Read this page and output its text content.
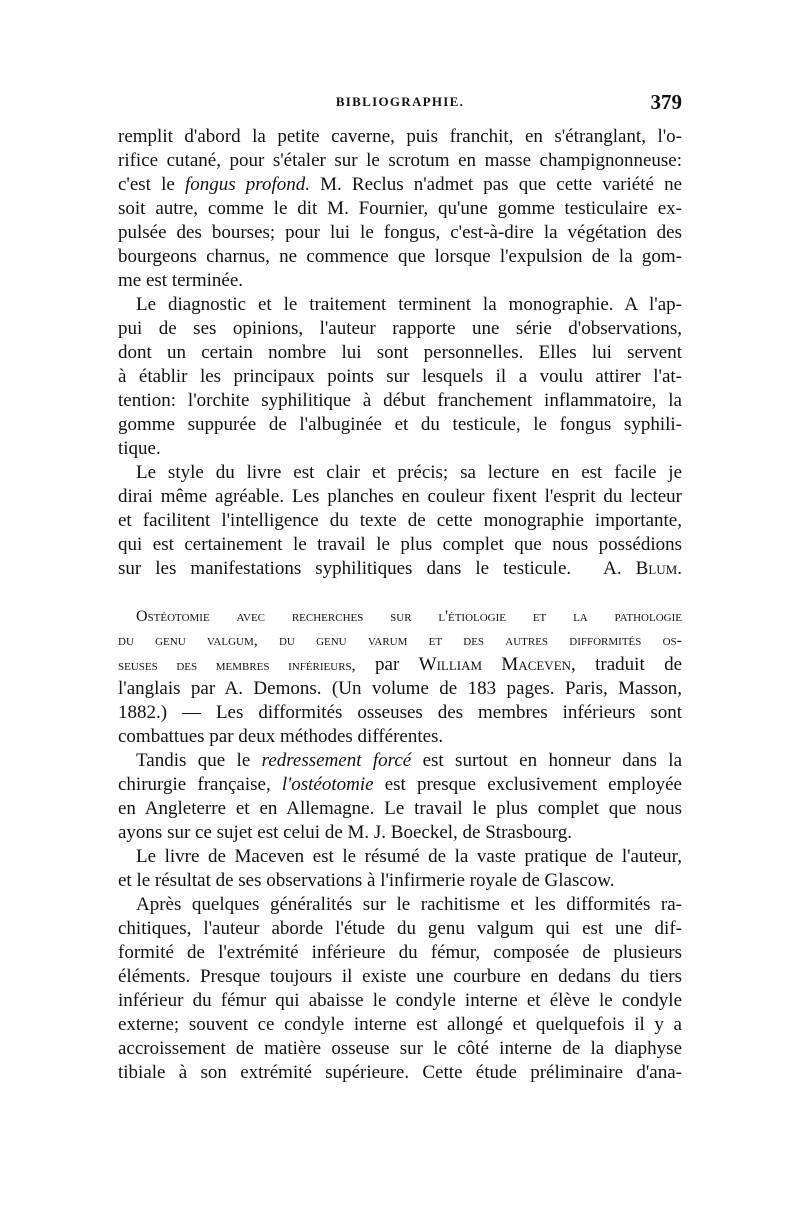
BIBLIOGRAPHIE.	379
remplit d'abord la petite caverne, puis franchit, en s'étranglant, l'o-
rifice cutané, pour s'étaler sur le scrotum en masse champignonneuse:
c'est le fongus profond. M. Reclus n'admet pas que cette variété ne
soit autre, comme le dit M. Fournier, qu'une gomme testiculaire ex-
pulsée des bourses; pour lui le fongus, c'est-à-dire la végétation des
bourgeons charnus, ne commence que lorsque l'expulsion de la gom-
me est terminée.
Le diagnostic et le traitement terminent la monographie. A l'ap-
pui de ses opinions, l'auteur rapporte une série d'observations,
dont un certain nombre lui sont personnelles. Elles lui servent
à établir les principaux points sur lesquels il a voulu attirer l'at-
tention: l'orchite syphilitique à début franchement inflammatoire, la
gomme suppurée de l'albuginée et du testicule, le fongus syphili-
tique.
Le style du livre est clair et précis; sa lecture en est facile je
dirai même agréable. Les planches en couleur fixent l'esprit du lecteur
et facilitent l'intelligence du texte de cette monographie importante,
qui est certainement le travail le plus complet que nous possédions
sur les manifestations syphilitiques dans le testicule. A. Blum.
Ostéotomie avec recherches sur l'étiologie et la pathologie
du genu valgum, du genu varum et des autres difformités os-
seuses des membres inférieurs, par William Maceven, traduit de
l'anglais par A. Demons. (Un volume de 183 pages. Paris, Masson,
1882.) — Les difformités osseuses des membres inférieurs sont
combattues par deux méthodes différentes.
Tandis que le redressement forcé est surtout en honneur dans la
chirurgie française, l'ostéotomie est presque exclusivement employée
en Angleterre et en Allemagne. Le travail le plus complet que nous
ayons sur ce sujet est celui de M. J. Boeckel, de Strasbourg.
Le livre de Maceven est le résumé de la vaste pratique de l'auteur,
et le résultat de ses observations à l'infirmerie royale de Glascow.
Après quelques généralités sur le rachitisme et les difformités ra-
chitiques, l'auteur aborde l'étude du genu valgum qui est une dif-
formité de l'extrémité inférieure du fémur, composée de plusieurs
éléments. Presque toujours il existe une courbure en dedans du tiers
inférieur du fémur qui abaisse le condyle interne et élève le condyle
externe; souvent ce condyle interne est allongé et quelquefois il y a
accroissement de matière osseuse sur le côté interne de la diaphyse
tibiale à son extrémité supérieure. Cette étude préliminaire d'ana-
